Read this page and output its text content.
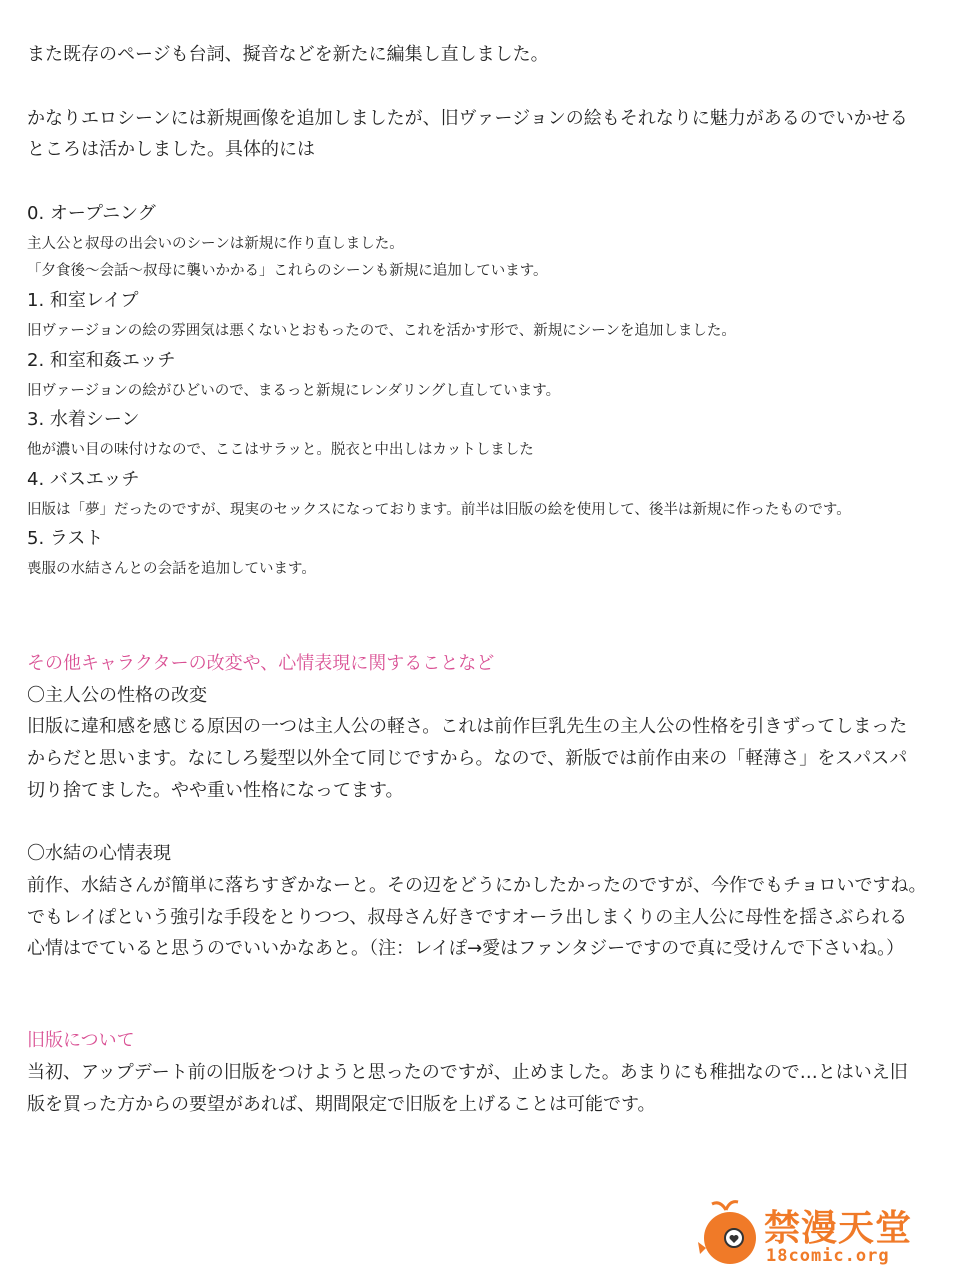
また既存のページも台詞、擬音などを新たに編集し直しました。
かなりエロシーンには新規画像を追加しましたが、旧ヴァージョンの絵もそれなりに魅力があるのでいかせる
ところは活かしました。具体的には
0. オープニング
主人公と叔母の出会いのシーンは新規に作り直しました。
「夕食後〜会話〜叔母に襲いかかる」これらのシーンも新規に追加しています。
1. 和室レイプ
旧ヴァージョンの絵の雰囲気は悪くないとおもったので、これを活かす形で、新規にシーンを追加しました。
2. 和室和姦エッチ
旧ヴァージョンの絵がひどいので、まるっと新規にレンダリングし直しています。
3. 水着シーン
他が濃い目の味付けなので、ここはサラッと。脱衣と中出しはカットしました
4. バスエッチ
旧版は「夢」だったのですが、現実のセックスになっております。前半は旧版の絵を使用して、後半は新規に作ったものです。
5. ラスト
喪服の水結さんとの会話を追加しています。
その他キャラクターの改変や、心情表現に関することなど
〇主人公の性格の改変
旧版に違和感を感じる原因の一つは主人公の軽さ。これは前作巨乳先生の主人公の性格を引きずってしまった
からだと思います。なにしろ髪型以外全て同じですから。なので、新版では前作由来の「軽薄さ」をスパスパ
切り捨てました。やや重い性格になってます。
〇水結の心情表現
前作、水結さんが簡単に落ちすぎかなーと。その辺をどうにかしたかったのですが、今作でもチョロいですね。
でもレイぽという強引な手段をとりつつ、叔母さん好きですオーラ出しまくりの主人公に母性を揺さぶられる
心情はでていると思うのでいいかなあと。（注：レイぽ→愛はファンタジーですので真に受けんで下さいね。）
旧版について
当初、アップデート前の旧版をつけようと思ったのですが、止めました。あまりにも稚拙なので…とはいえ旧
版を買った方からの要望があれば、期間限定で旧版を上げることは可能です。
禁漫天堂
18comic.org
